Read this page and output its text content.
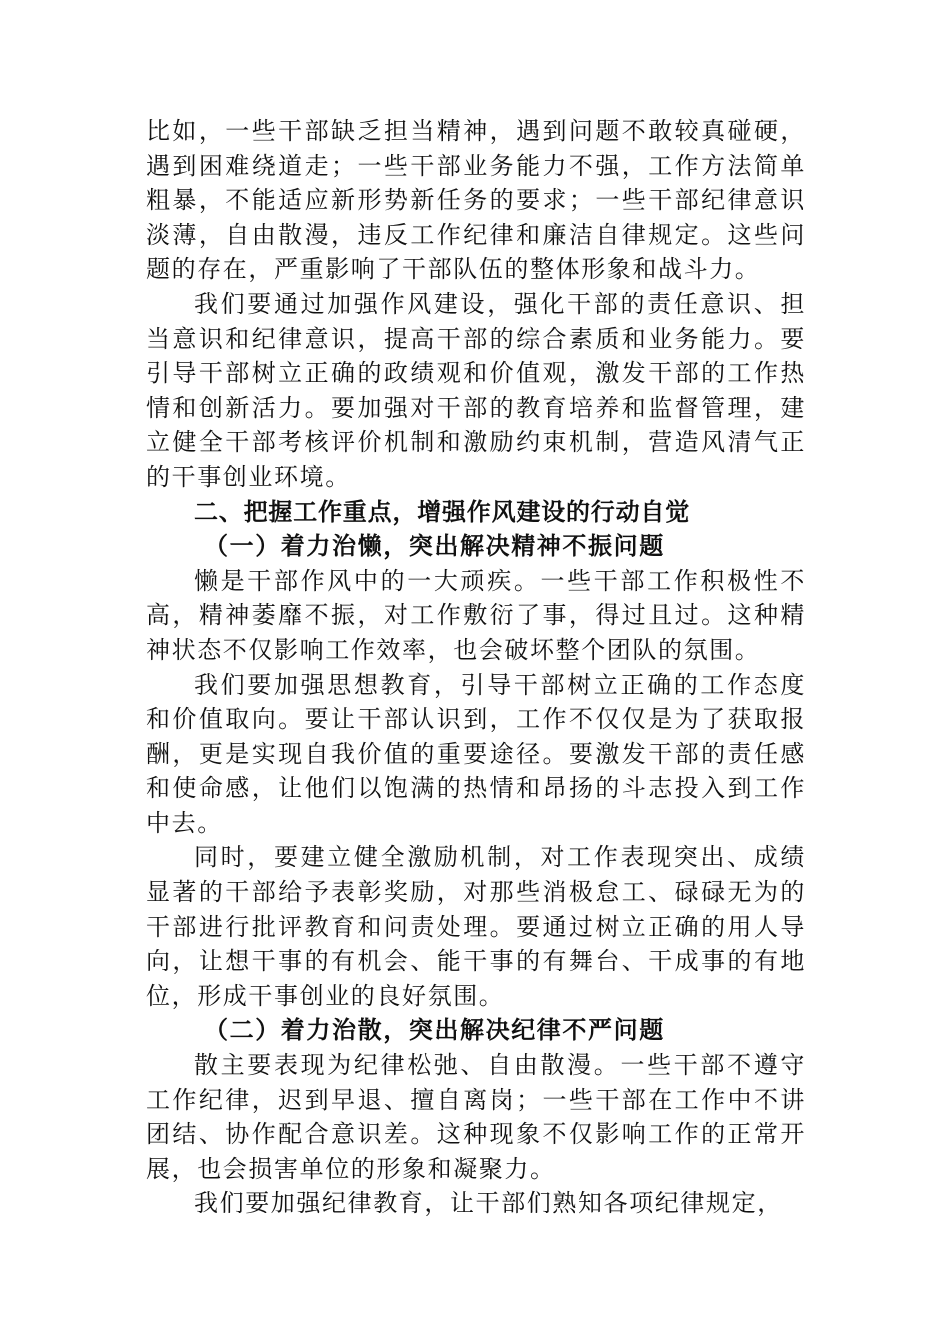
比如，一些干部缺乏担当精神，遇到问题不敢较真碰硬，遇到困难绕道走；一些干部业务能力不强，工作方法简单粗暴，不能适应新形势新任务的要求；一些干部纪律意识淡薄，自由散漫，违反工作纪律和廉洁自律规定。这些问题的存在，严重影响了干部队伍的整体形象和战斗力。

我们要通过加强作风建设，强化干部的责任意识、担当意识和纪律意识，提高干部的综合素质和业务能力。要引导干部树立正确的政绩观和价值观，激发干部的工作热情和创新活力。要加强对干部的教育培养和监督管理，建立健全干部考核评价机制和激励约束机制，营造风清气正的干事创业环境。

二、把握工作重点，增强作风建设的行动自觉

（一）着力治懒，突出解决精神不振问题

懒是干部作风中的一大顽疾。一些干部工作积极性不高，精神萎靡不振，对工作敷衍了事，得过且过。这种精神状态不仅影响工作效率，也会破坏整个团队的氛围。

我们要加强思想教育，引导干部树立正确的工作态度和价值取向。要让干部认识到，工作不仅仅是为了获取报酬，更是实现自我价值的重要途径。要激发干部的责任感和使命感，让他们以饱满的热情和昂扬的斗志投入到工作中去。

同时，要建立健全激励机制，对工作表现突出、成绩显著的干部给予表彰奖励，对那些消极怠工、碌碌无为的干部进行批评教育和问责处理。要通过树立正确的用人导向，让想干事的有机会、能干事的有舞台、干成事的有地位，形成干事创业的良好氛围。

（二）着力治散，突出解决纪律不严问题

散主要表现为纪律松弛、自由散漫。一些干部不遵守工作纪律，迟到早退、擅自离岗；一些干部在工作中不讲团结、协作配合意识差。这种现象不仅影响工作的正常开展，也会损害单位的形象和凝聚力。

我们要加强纪律教育，让干部们熟知各项纪律规定，
